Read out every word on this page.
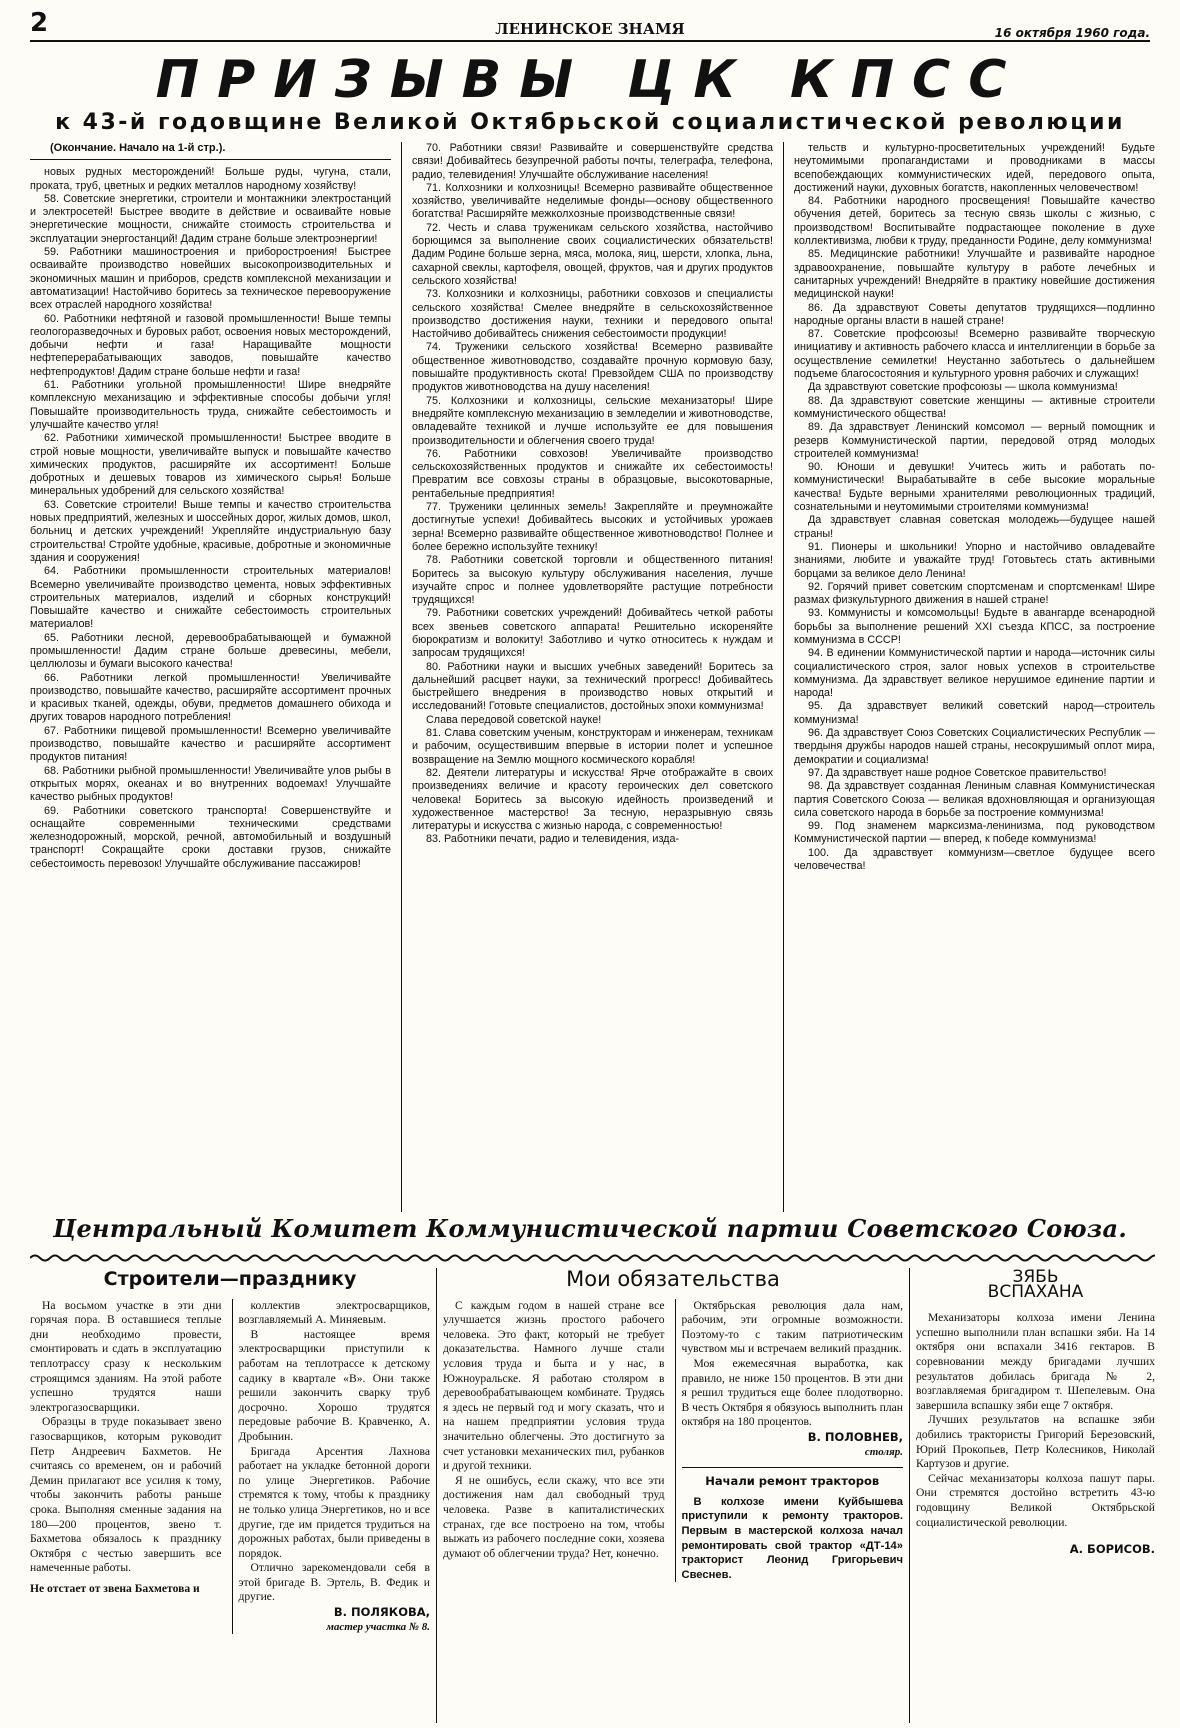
2	ЛЕНИНСКОЕ ЗНАМЯ	16 октября 1960 года.
ПРИЗЫВЫ ЦК КПСС
к 43-й годовщине Великой Октябрьской социалистической революции

(Окончание. Начало на 1-й стр.).

новых рудных месторождений! Больше руды, чугуна, стали, проката, труб, цветных и редких металлов народному хозяйству!

58. Советские энергетики, строители и монтажники электростанций и электросетей! Быстрее вводите в действие и осваивайте новые энергетические мощности, снижайте стоимость строительства и эксплуатации энергостанций! Дадим стране больше электроэнергии!

59. Работники машиностроения и приборостроения! Быстрее осваивайте производство новейших высокопроизводительных и экономичных машин и приборов, средств комплексной механизации и автоматизации! Настойчиво боритесь за техническое перевооружение всех отраслей народного хозяйства!

60. Работники нефтяной и газовой промышленности! Выше темпы геологоразведочных и буровых работ, освоения новых месторождений, добычи нефти и газа! Наращивайте мощности нефтеперерабатывающих заводов, повышайте качество нефтепродуктов! Дадим стране больше нефти и газа!

61. Работники угольной промышленности! Шире внедряйте комплексную механизацию и эффективные способы добычи угля! Повышайте производительность труда, снижайте себестоимость и улучшайте качество угля!

62. Работники химической промышленности! Быстрее вводите в строй новые мощности, увеличивайте выпуск и повышайте качество химических продуктов, расширяйте их ассортимент! Больше добротных и дешевых товаров из химического сырья! Больше минеральных удобрений для сельского хозяйства!

63. Советские строители! Выше темпы и качество строительства новых предприятий, железных и шоссейных дорог, жилых домов, школ, больниц и детских учреждений! Укрепляйте индустриальную базу строительства! Стройте удобные, красивые, добротные и экономичные здания и сооружения!

64. Работники промышленности строительных материалов! Всемерно увеличивайте производство цемента, новых эффективных строительных материалов, изделий и сборных конструкций! Повышайте качество и снижайте себестоимость строительных материалов!

65. Работники лесной, деревообрабатывающей и бумажной промышленности! Дадим стране больше древесины, мебели, целлюлозы и бумаги высокого качества!

66. Работники легкой промышленности! Увеличивайте производство, повышайте качество, расширяйте ассортимент прочных и красивых тканей, одежды, обуви, предметов домашнего обихода и других товаров народного потребления!

67. Работники пищевой промышленности! Всемерно увеличивайте производство, повышайте качество и расширяйте ассортимент продуктов питания!

68. Работники рыбной промышленности! Увеличивайте улов рыбы в открытых морях, океанах и во внутренних водоемах! Улучшайте качество рыбных продуктов!

69. Работники советского транспорта! Совершенствуйте и оснащайте современными техническими средствами железнодорожный, морской, речной, автомобильный и воздушный транспорт! Сокращайте сроки доставки грузов, снижайте себестоимость перевозок! Улучшайте обслуживание пассажиров!

70. Работники связи! Развивайте и совершенствуйте средства связи! Добивайтесь безупречной работы почты, телеграфа, телефона, радио, телевидения! Улучшайте обслуживание населения!

71. Колхозники и колхозницы! Всемерно развивайте общественное хозяйство, увеличивайте неделимые фонды—основу общественного богатства! Расширяйте межколхозные производственные связи!

72. Честь и слава труженикам сельского хозяйства, настойчиво борющимся за выполнение своих социалистических обязательств! Дадим Родине больше зерна, мяса, молока, яиц, шерсти, хлопка, льна, сахарной свеклы, картофеля, овощей, фруктов, чая и других продуктов сельского хозяйства!

73. Колхозники и колхозницы, работники совхозов и специалисты сельского хозяйства! Смелее внедряйте в сельскохозяйственное производство достижения науки, техники и передового опыта! Настойчиво добивайтесь снижения себестоимости продукции!

74. Труженики сельского хозяйства! Всемерно развивайте общественное животноводство, создавайте прочную кормовую базу, повышайте продуктивность скота! Превзойдем США по производству продуктов животноводства на душу населения!

75. Колхозники и колхозницы, сельские механизаторы! Шире внедряйте комплексную механизацию в земледелии и животноводстве, овладевайте техникой и лучше используйте ее для повышения производительности и облегчения своего труда!

76. Работники совхозов! Увеличивайте производство сельскохозяйственных продуктов и снижайте их себестоимость! Превратим все совхозы страны в образцовые, высокотоварные, рентабельные предприятия!

77. Труженики целинных земель! Закрепляйте и преумножайте достигнутые успехи! Добивайтесь высоких и устойчивых урожаев зерна! Всемерно развивайте общественное животноводство! Полнее и более бережно используйте технику!

78. Работники советской торговли и общественного питания! Боритесь за высокую культуру обслуживания населения, лучше изучайте спрос и полнее удовлетворяйте растущие потребности трудящихся!

79. Работники советских учреждений! Добивайтесь четкой работы всех звеньев советского аппарата! Решительно искореняйте бюрократизм и волокиту! Заботливо и чутко относитесь к нуждам и запросам трудящихся!

80. Работники науки и высших учебных заведений! Боритесь за дальнейший расцвет науки, за технический прогресс! Добивайтесь быстрейшего внедрения в производство новых открытий и исследований! Готовьте специалистов, достойных эпохи коммунизма!

Слава передовой советской науке!

81. Слава советским ученым, конструкторам и инженерам, техникам и рабочим, осуществившим впервые в истории полет и успешное возвращение на Землю мощного космического корабля!

82. Деятели литературы и искусства! Ярче отображайте в своих произведениях величие и красоту героических дел советского человека! Боритесь за высокую идейность произведений и художественное мастерство! За тесную, неразрывную связь литературы и искусства с жизнью народа, с современностью!

83. Работники печати, радио и телевидения, изда-

тельств и культурно-просветительных учреждений! Будьте неутомимыми пропагандистами и проводниками в массы всепобеждающих коммунистических идей, передового опыта, достижений науки, духовных богатств, накопленных человечеством!

84. Работники народного просвещения! Повышайте качество обучения детей, боритесь за тесную связь школы с жизнью, с производством! Воспитывайте подрастающее поколение в духе коллективизма, любви к труду, преданности Родине, делу коммунизма!

85. Медицинские работники! Улучшайте и развивайте народное здравоохранение, повышайте культуру в работе лечебных и санитарных учреждений! Внедряйте в практику новейшие достижения медицинской науки!

86. Да здравствуют Советы депутатов трудящихся—подлинно народные органы власти в нашей стране!

87. Советские профсоюзы! Всемерно развивайте творческую инициативу и активность рабочего класса и интеллигенции в борьбе за осуществление семилетки! Неустанно заботьтесь о дальнейшем подъеме благосостояния и культурного уровня рабочих и служащих!

Да здравствуют советские профсоюзы — школа коммунизма!

88. Да здравствуют советские женщины — активные строители коммунистического общества!

89. Да здравствует Ленинский комсомол — верный помощник и резерв Коммунистической партии, передовой отряд молодых строителей коммунизма!

90. Юноши и девушки! Учитесь жить и работать по-коммунистически! Вырабатывайте в себе высокие моральные качества! Будьте верными хранителями революционных традиций, сознательными и неутомимыми строителями коммунизма!

Да здравствует славная советская молодежь—будущее нашей страны!

91. Пионеры и школьники! Упорно и настойчиво овладевайте знаниями, любите и уважайте труд! Готовьтесь стать активными борцами за великое дело Ленина!

92. Горячий привет советским спортсменам и спортсменкам! Шире размах физкультурного движения в нашей стране!

93. Коммунисты и комсомольцы! Будьте в авангарде всенародной борьбы за выполнение решений XXI съезда КПСС, за построение коммунизма в СССР!

94. В единении Коммунистической партии и народа—источник силы социалистического строя, залог новых успехов в строительстве коммунизма. Да здравствует великое нерушимое единение партии и народа!

95. Да здравствует великий советский народ—строитель коммунизма!

96. Да здравствует Союз Советских Социалистических Республик — твердыня дружбы народов нашей страны, несокрушимый оплот мира, демократии и социализма!

97. Да здравствует наше родное Советское правительство!

98. Да здравствует созданная Лениным славная Коммунистическая партия Советского Союза — великая вдохновляющая и организующая сила советского народа в борьбе за построение коммунизма!

99. Под знаменем марксизма-ленинизма, под руководством Коммунистической партии — вперед, к победе коммунизма!

100. Да здравствует коммунизм—светлое будущее всего человечества!

Центральный Комитет Коммунистической партии Советского Союза.
Строители—празднику

На восьмом участке в эти дни горячая пора. В оставшиеся теплые дни необходимо провести, смонтировать и сдать в эксплуатацию теплотрассу сразу к нескольким строящимся зданиям. На этой работе успешно трудятся наши электрогазосварщики.

Образцы в труде показывает звено газосварщиков, которым руководит Петр Андреевич Бахметов. Не считаясь со временем, он и рабочий Демин прилагают все усилия к тому, чтобы закончить работы раньше срока. Выполняя сменные задания на 180—200 процентов, звено т. Бахметова обязалось к празднику Октября с честью завершить все намеченные работы.

Не отстает от звена Бахметова и

коллектив электросварщиков, возглавляемый А. Миняевым.

В настоящее время электросварщики приступили к работам на теплотрассе к детскому садику в квартале «В». Они также решили закончить сварку труб досрочно. Хорошо трудятся передовые рабочие В. Кравченко, А. Дробынин.

Бригада Арсентия Лахнова работает на укладке бетонной дороги по улице Энергетиков. Рабочие стремятся к тому, чтобы к празднику не только улица Энергетиков, но и все другие, где им придется трудиться на дорожных работах, были приведены в порядок.

Отлично зарекомендовали себя в этой бригаде В. Эртель, В. Федик и другие.

В. ПОЛЯКОВА,
мастер участка № 8.
Мои обязательства

С каждым годом в нашей стране все улучшается жизнь простого рабочего человека. Это факт, который не требует доказательства. Намного лучше стали условия труда и быта и у нас, в Южноуральске. Я работаю столяром в деревообрабатывающем комбинате. Трудясь я здесь не первый год и могу сказать, что и на нашем предприятии условия труда значительно облегчены. Это достигнуто за счет установки механических пил, рубанков и другой техники.

Я не ошибусь, если скажу, что все эти достижения нам дал свободный труд человека. Разве в капиталистических странах, где все построено на том, чтобы выжать из рабочего последние соки, хозяева думают об облегчении труда? Нет, конечно.

Октябрьская революция дала нам, рабочим, эти огромные возможности. Поэтому-то с таким патриотическим чувством мы и встречаем великий праздник.

Моя ежемесячная выработка, как правило, не ниже 150 процентов. В эти дни я решил трудиться еще более плодотворно. В честь Октября я обязуюсь выполнить план октября на 180 процентов.

В. ПОЛОВНЕВ,
столяр.
Начали ремонт тракторов

В колхозе имени Куйбышева приступили к ремонту тракторов. Первым в мастерской колхоза начал ремонтировать свой трактор «ДТ-14» тракторист Леонид Григорьевич Свеснев.

ЗЯБЬ
ВСПАХАНА

Механизаторы колхоза имени Ленина успешно выполнили план вспашки зяби. На 14 октября они вспахали 3416 гектаров. В соревновании между бригадами лучших результатов добилась бригада № 2, возглавляемая бригадиром т. Шепелевым. Она завершила вспашку зяби еще 7 октября.

Лучших результатов на вспашке зяби добились трактористы Григорий Березовский, Юрий Прокопьев, Петр Колесников, Николай Картузов и другие.

Сейчас механизаторы колхоза пашут пары. Они стремятся достойно встретить 43-ю годовщину Великой Октябрьской социалистической революции.

А. БОРИСОВ.
